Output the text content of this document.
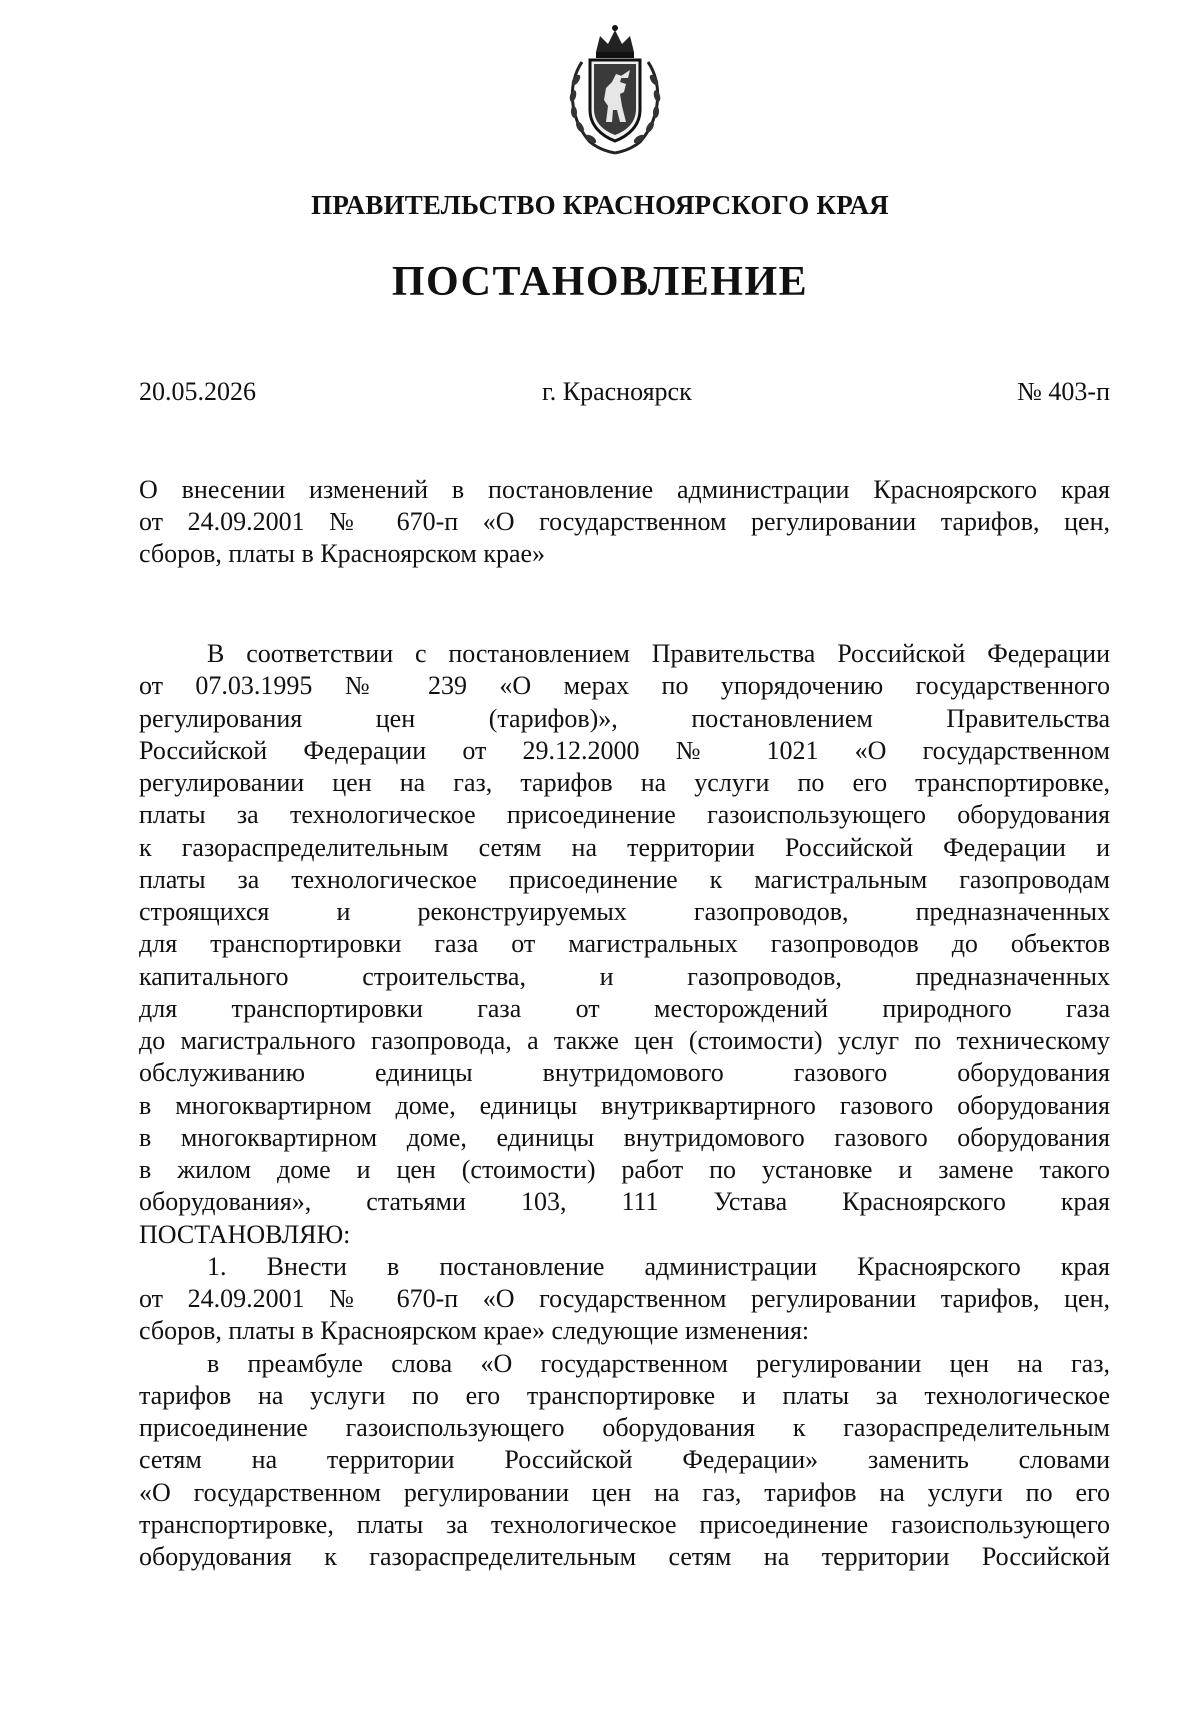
ПРАВИТЕЛЬСТВО КРАСНОЯРСКОГО КРАЯ
ПОСТАНОВЛЕНИЕ
20.05.2026	г. Красноярск	№ 403-п
О внесении изменений в постановление администрации Красноярского края
от 24.09.2001 № 670-п «О государственном регулировании тарифов, цен,
сборов, платы в Красноярском крае»
В соответствии с постановлением Правительства Российской Федерации
от 07.03.1995 № 239 «О мерах по упорядочению государственного
регулирования цен (тарифов)», постановлением Правительства
Российской Федерации от 29.12.2000 № 1021 «О государственном
регулировании цен на газ, тарифов на услуги по его транспортировке,
платы за технологическое присоединение газоиспользующего оборудования
к газораспределительным сетям на территории Российской Федерации и
платы за технологическое присоединение к магистральным газопроводам
строящихся и реконструируемых газопроводов, предназначенных
для транспортировки газа от магистральных газопроводов до объектов
капитального строительства, и газопроводов, предназначенных
для транспортировки газа от месторождений природного газа
до магистрального газопровода, а также цен (стоимости) услуг по техническому
обслуживанию единицы внутридомового газового оборудования
в многоквартирном доме, единицы внутриквартирного газового оборудования
в многоквартирном доме, единицы внутридомового газового оборудования
в жилом доме и цен (стоимости) работ по установке и замене такого
оборудования», статьями 103, 111 Устава Красноярского края
ПОСТАНОВЛЯЮ:
1. Внести в постановление администрации Красноярского края
от 24.09.2001 № 670-п «О государственном регулировании тарифов, цен,
сборов, платы в Красноярском крае» следующие изменения:
в преамбуле слова «О государственном регулировании цен на газ,
тарифов на услуги по его транспортировке и платы за технологическое
присоединение газоиспользующего оборудования к газораспределительным
сетям на территории Российской Федерации» заменить словами
«О государственном регулировании цен на газ, тарифов на услуги по его
транспортировке, платы за технологическое присоединение газоиспользующего
оборудования к газораспределительным сетям на территории Российской
